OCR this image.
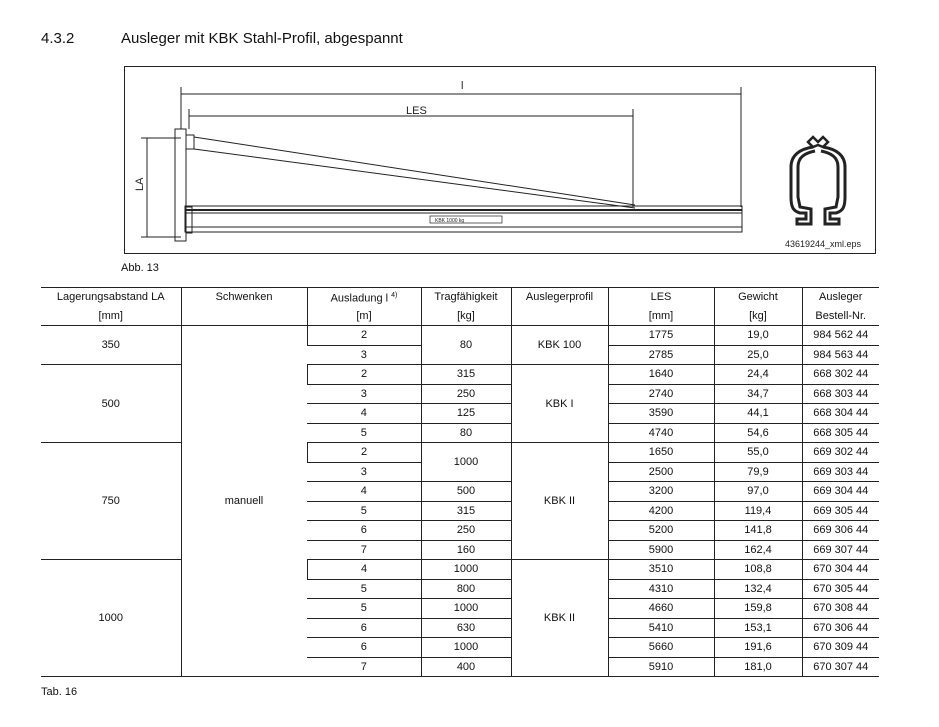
4.3.2	Ausleger mit KBK Stahl-Profil, abgespannt
l
LES
LA
KBK 1000 kg
43619244_xml.eps
Abb. 13
Lagerungsabstand LA	Schwenken	Ausladung l $^{4)}$	Tragfähigkeit	Auslegerprofil	LES	Gewicht	Ausleger
[mm]		[m]	[kg]		[mm]	[kg]	Bestell-Nr.
350	manuell	2	80	KBK 100	1775	19,0	984 562 44
		3			2785	25,0	984 563 44
500		2	315	KBK I	1640	24,4	668 302 44
		3	250		2740	34,7	668 303 44
		4	125		3590	44,1	668 304 44
		5	80		4740	54,6	668 305 44
750		2	1000	KBK II	1650	55,0	669 302 44
		3			2500	79,9	669 303 44
		4	500		3200	97,0	669 304 44
		5	315		4200	119,4	669 305 44
		6	250		5200	141,8	669 306 44
		7	160		5900	162,4	669 307 44
1000		4	1000	KBK II	3510	108,8	670 304 44
		5	800		4310	132,4	670 305 44
		5	1000		4660	159,8	670 308 44
		6	630		5410	153,1	670 306 44
		6	1000		5660	191,6	670 309 44
		7	400		5910	181,0	670 307 44
Tab. 16
